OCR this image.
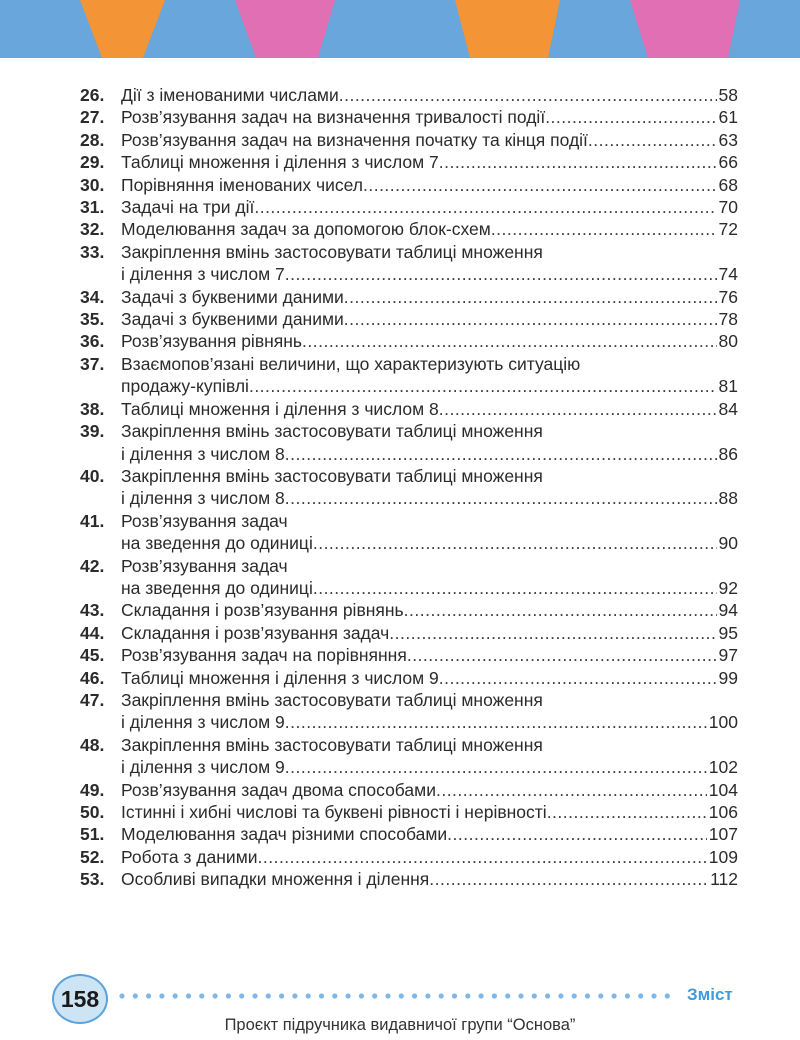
26. Дії з іменованими числами .....	58
27. Розв’язування задач на визначення тривалості події .....	61
28. Розв’язування задач на визначення початку та кінця події .....	63
29. Таблиці множення і ділення з числом 7 .....	66
30. Порівняння іменованих чисел .....	68
31. Задачі на три дії .....	70
32. Моделювання задач за допомогою блок-схем .....	72
33. Закріплення вмінь застосовувати таблиці множення
і ділення з числом 7 .....	74
34. Задачі з буквеними даними .....	76
35. Задачі з буквеними даними .....	78
36. Розв’язування рівнянь .....	80
37. Взаємопов’язані величини, що характеризують ситуацію
продажу-купівлі .....	81
38. Таблиці множення і ділення з числом 8 .....	84
39. Закріплення вмінь застосовувати таблиці множення
і ділення з числом 8 .....	86
40. Закріплення вмінь застосовувати таблиці множення
і ділення з числом 8 .....	88
41. Розв’язування задач
на зведення до одиниці .....	90
42. Розв’язування задач
на зведення до одиниці .....	92
43. Складання і розв’язування рівнянь .....	94
44. Складання і розв’язування задач .....	95
45. Розв’язування задач на порівняння .....	97
46. Таблиці множення і ділення з числом 9 .....	99
47. Закріплення вмінь застосовувати таблиці множення
і ділення з числом 9 .....	100
48. Закріплення вмінь застосовувати таблиці множення
і ділення з числом 9 .....	102
49. Розв’язування задач двома способами .....	104
50. Істинні і хибні числові та буквені рівності і нерівності .....	106
51. Моделювання задач різними способами .....	107
52. Робота з даними .....	109
53. Особливі випадки множення і ділення .....	112
158	Зміст
Проєкт підручника видавничої групи “Основа”
